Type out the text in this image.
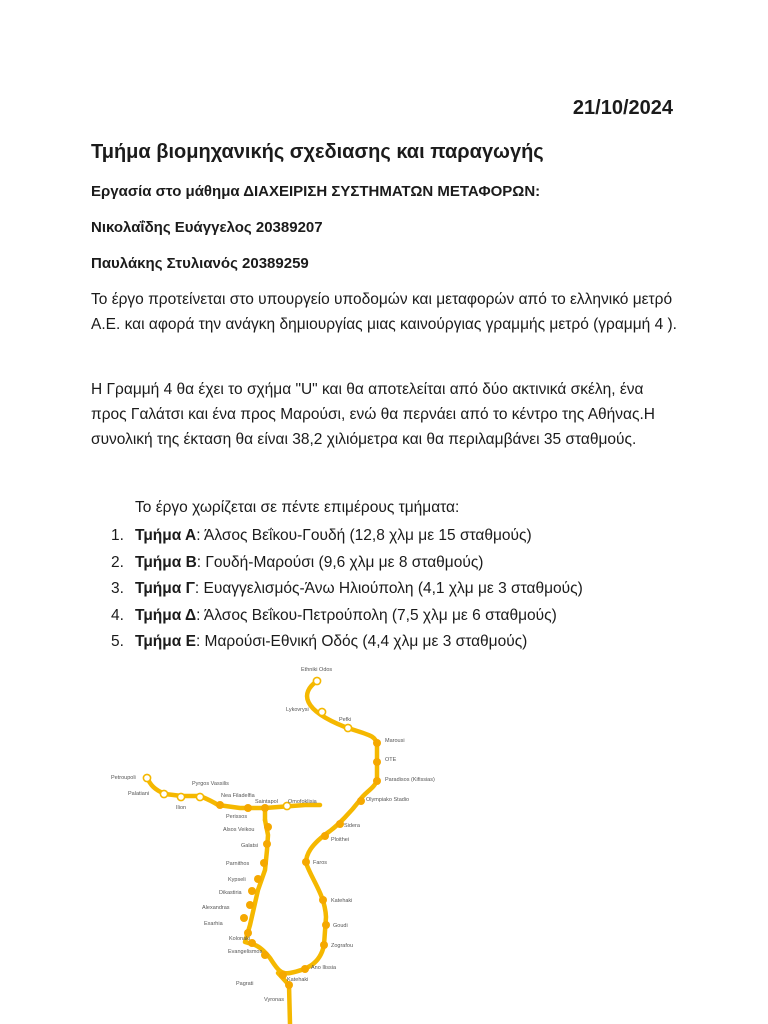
21/10/2024
Τμήμα βιομηχανικής σχεδιασης και παραγωγής
Εργασία στο μάθημα ΔΙΑΧΕΙΡΙΣΗ ΣΥΣΤΗΜΑΤΩΝ ΜΕΤΑΦΟΡΩΝ:
Νικολαΐδης Ευάγγελος 20389207
Παυλάκης Στυλιανός 20389259
Το έργο προτείνεται στο υπουργείο υποδομών και μεταφορών από το ελληνικό μετρό Α.Ε. και αφορά την ανάγκη δημιουργίας μιας καινούργιας γραμμής μετρό (γραμμή 4 ).
Η Γραμμή 4 θα έχει το σχήμα "U" και θα αποτελείται από δύο ακτινικά σκέλη, ένα προς Γαλάτσι και ένα προς Μαρούσι, ενώ θα περνάει από το κέντρο της Αθήνας.Η συνολική της έκταση θα είναι 38,2 χιλιόμετρα και θα περιλαμβάνει 35 σταθμούς.
Το έργο χωρίζεται σε πέντε επιμέρους τμήματα:
1. Τμήμα Α: Άλσος Βεΐκου-Γουδή (12,8 χλμ με 15 σταθμούς)
2. Τμήμα Β: Γουδή-Μαρούσι (9,6 χλμ με 8 σταθμούς)
3. Τμήμα Γ: Ευαγγελισμός-Άνω Ηλιούπολη (4,1 χλμ με 3 σταθμούς)
4. Τμήμα Δ: Άλσος Βεΐκου-Πετρούπολη (7,5 χλμ με 6 σταθμούς)
5. Τμήμα Ε: Μαρούσι-Εθνική Οδός (4,4 χλμ με 3 σταθμούς)
Ethniki Odos
Lykovrysi
Pefki
Marousi
OTE
Paradisos (Kifissias)
Olympiako Stadio
Sidera
Ploithei
Faros
Katehaki
Goudi
Zografou
Ano Ilissia
Katehaki
Vyronas
Pagrati
Evangelismos
Kolonaki
Exarhia
Alexandras
Dikastiria
Kypseli
Parnithos
Galatsi
Alsos Veikou
Perissos
Omofoklisia
Saintapol
Nea Filadelfia
Pyrgos Vassilis
Ilion
Palatiani
Petroupoli
